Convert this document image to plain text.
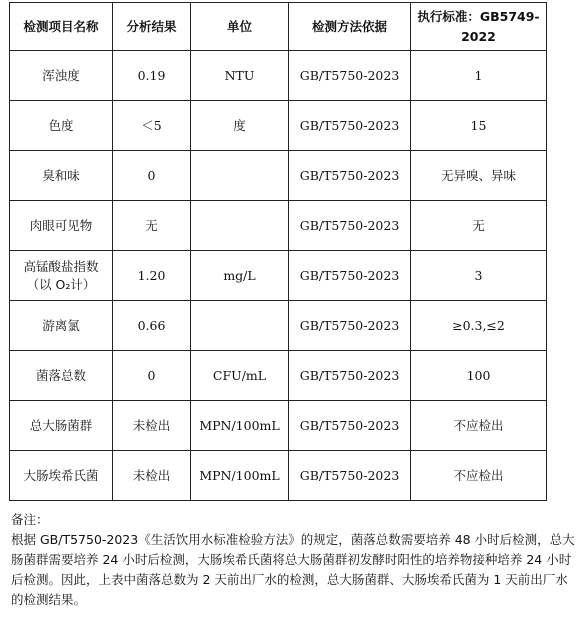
检测项目名称	分析结果	单位	检测方法依据	执行标准：GB5749-2022
浑浊度	0.19	NTU	GB/T5750-2023	1
色度	＜5	度	GB/T5750-2023	15
臭和味	0		GB/T5750-2023	无异嗅、异味
肉眼可见物	无		GB/T5750-2023	无
高锰酸盐指数（以 O₂计）	1.20	mg/L	GB/T5750-2023	3
游离氯	0.66		GB/T5750-2023	≥0.3,≤2
菌落总数	0	CFU/mL	GB/T5750-2023	100
总大肠菌群	未检出	MPN/100mL	GB/T5750-2023	不应检出
大肠埃希氏菌	未检出	MPN/100mL	GB/T5750-2023	不应检出

备注：

根据 GB/T5750-2023《生活饮用水标准检验方法》的规定，菌落总数需要培养 48 小时后检测，总大肠菌群需要培养 24 小时后检测，大肠埃希氏菌将总大肠菌群初发酵时阳性的培养物接种培养 24 小时后检测。因此，上表中菌落总数为 2 天前出厂水的检测，总大肠菌群、大肠埃希氏菌为 1 天前出厂水的检测结果。
